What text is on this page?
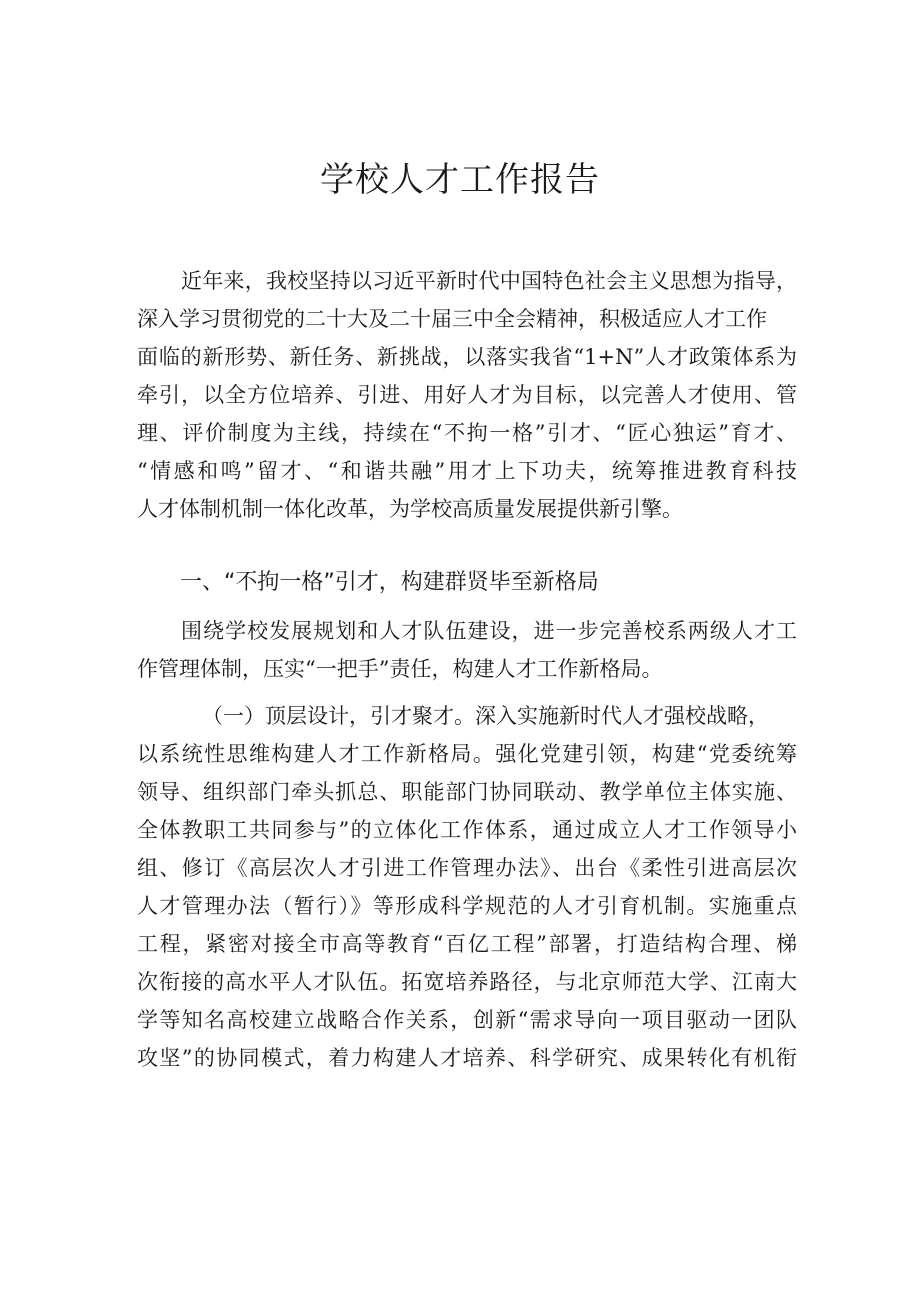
学校人才工作报告
近年来，我校坚持以习近平新时代中国特色社会主义思想为指导，
深入学习贯彻党的二十大及二十届三中全会精神，积极适应人才工作
面临的新形势、新任务、新挑战，以落实我省“1+N”人才政策体系为
牵引，以全方位培养、引进、用好人才为目标，以完善人才使用、管
理、评价制度为主线，持续在“不拘一格”引才、“匠心独运”育才、
“情感和鸣”留才、“和谐共融”用才上下功夫，统筹推进教育科技
人才体制机制一体化改革，为学校高质量发展提供新引擎。
一、“不拘一格”引才，构建群贤毕至新格局
围绕学校发展规划和人才队伍建设，进一步完善校系两级人才工
作管理体制，压实“一把手”责任，构建人才工作新格局。
（一）顶层设计，引才聚才。深入实施新时代人才强校战略，
以系统性思维构建人才工作新格局。强化党建引领，构建“党委统筹
领导、组织部门牵头抓总、职能部门协同联动、教学单位主体实施、
全体教职工共同参与”的立体化工作体系，通过成立人才工作领导小
组、修订《高层次人才引进工作管理办法》、出台《柔性引进高层次
人才管理办法（暂行）》等形成科学规范的人才引育机制。实施重点
工程，紧密对接全市高等教育“百亿工程”部署，打造结构合理、梯
次衔接的高水平人才队伍。拓宽培养路径，与北京师范大学、江南大
学等知名高校建立战略合作关系，创新“需求导向一项目驱动一团队
攻坚”的协同模式，着力构建人才培养、科学研究、成果转化有机衔
